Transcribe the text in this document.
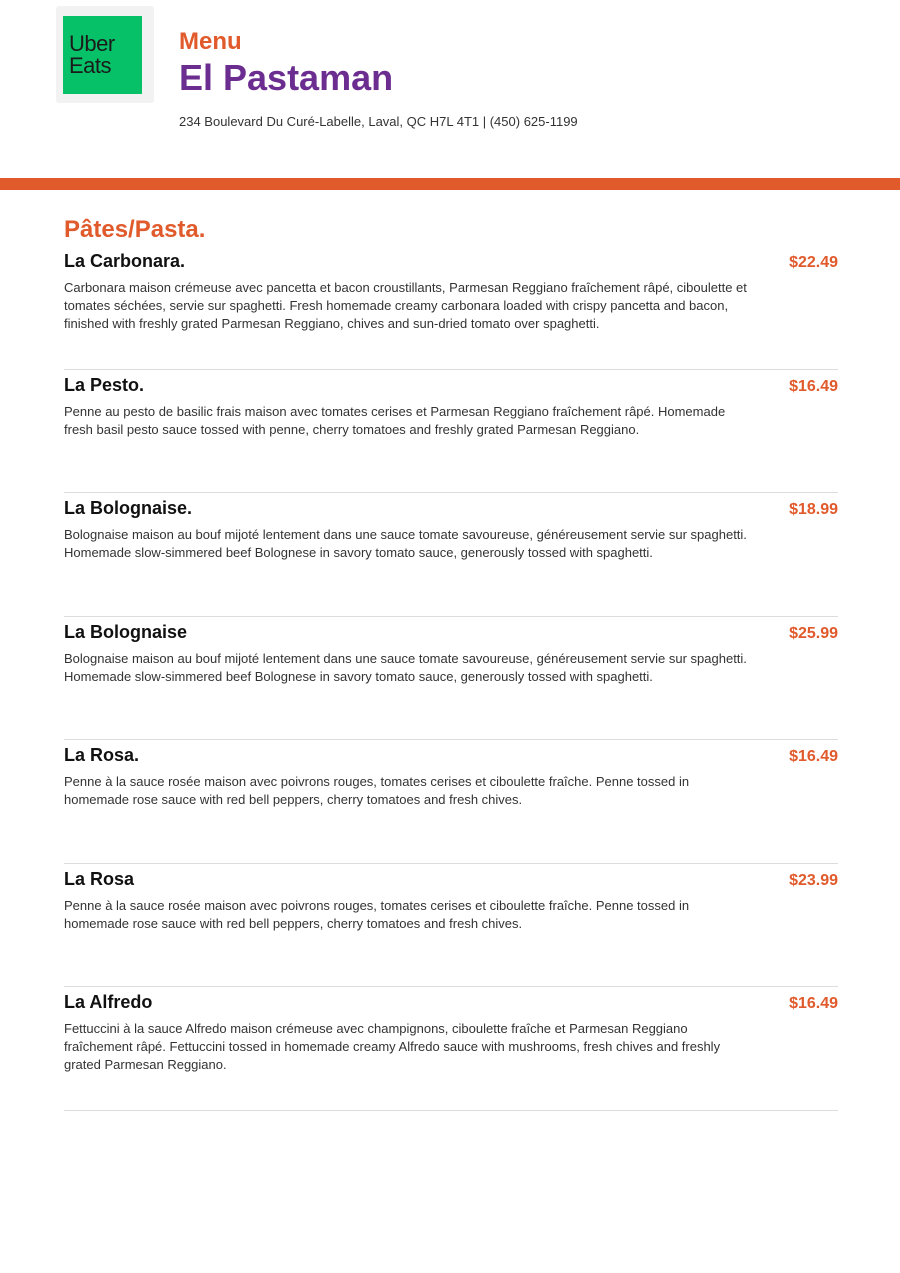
Uber
Eats
Menu
El Pastaman
234 Boulevard Du Curé-Labelle, Laval, QC H7L 4T1 | (450) 625-1199
Pâtes/Pasta.
La Carbonara.	$22.49
Carbonara maison crémeuse avec pancetta et bacon croustillants, Parmesan Reggiano fraîchement râpé, ciboulette et tomates séchées, servie sur spaghetti. Fresh homemade creamy carbonara loaded with crispy pancetta and bacon, finished with freshly grated Parmesan Reggiano, chives and sun-dried tomato over spaghetti.
La Pesto.	$16.49
Penne au pesto de basilic frais maison avec tomates cerises et Parmesan Reggiano fraîchement râpé. Homemade fresh basil pesto sauce tossed with penne, cherry tomatoes and freshly grated Parmesan Reggiano.
La Bolognaise.	$18.99
Bolognaise maison au bouf mijoté lentement dans une sauce tomate savoureuse, généreusement servie sur spaghetti. Homemade slow-simmered beef Bolognese in savory tomato sauce, generously tossed with spaghetti.
La Bolognaise	$25.99
Bolognaise maison au bouf mijoté lentement dans une sauce tomate savoureuse, généreusement servie sur spaghetti. Homemade slow-simmered beef Bolognese in savory tomato sauce, generously tossed with spaghetti.
La Rosa.	$16.49
Penne à la sauce rosée maison avec poivrons rouges, tomates cerises et ciboulette fraîche. Penne tossed in homemade rose sauce with red bell peppers, cherry tomatoes and fresh chives.
La Rosa	$23.99
Penne à la sauce rosée maison avec poivrons rouges, tomates cerises et ciboulette fraîche. Penne tossed in homemade rose sauce with red bell peppers, cherry tomatoes and fresh chives.
La Alfredo	$16.49
Fettuccini à la sauce Alfredo maison crémeuse avec champignons, ciboulette fraîche et Parmesan Reggiano fraîchement râpé. Fettuccini tossed in homemade creamy Alfredo sauce with mushrooms, fresh chives and freshly grated Parmesan Reggiano.
